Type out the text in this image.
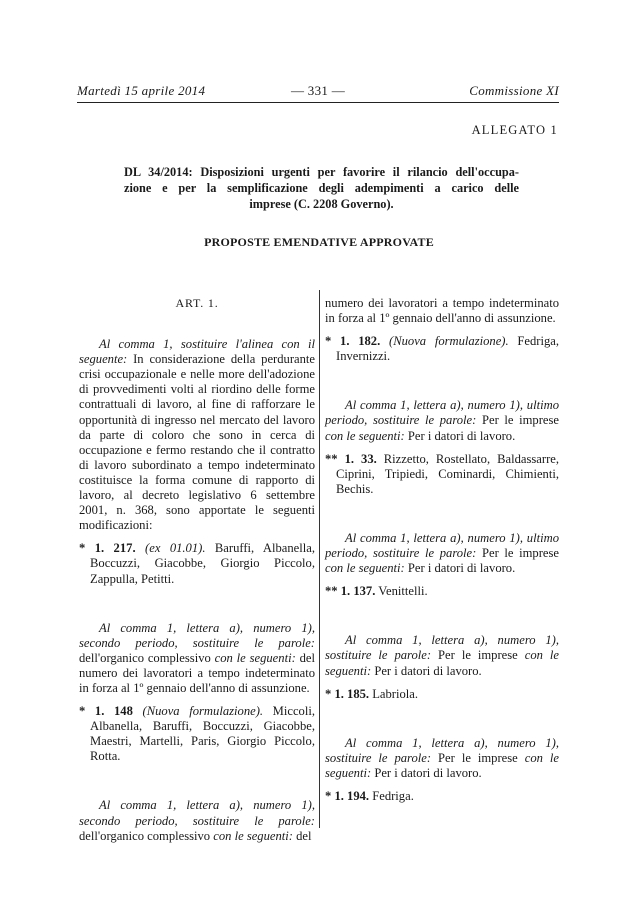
Martedì 15 aprile 2014	— 331 —	Commissione XI
ALLEGATO 1
DL 34/2014: Disposizioni urgenti per favorire il rilancio dell'occupa-
zione e per la semplificazione degli adempimenti a carico delle
imprese (C. 2208 Governo).
PROPOSTE EMENDATIVE APPROVATE
ART. 1.

Al comma 1, sostituire l'alinea con il seguente: In considerazione della perdurante crisi occupazionale e nelle more dell'adozione di provvedimenti volti al riordino delle forme contrattuali di lavoro, al fine di rafforzare le opportunità di ingresso nel mercato del lavoro da parte di coloro che sono in cerca di occupazione e fermo restando che il contratto di lavoro subordinato a tempo indeterminato costituisce la forma comune di rapporto di lavoro, al decreto legislativo 6 settembre 2001, n. 368, sono apportate le seguenti modificazioni:

* 1. 217. (ex 01.01). Baruffi, Albanella, Boccuzzi, Giacobbe, Giorgio Piccolo, Zappulla, Petitti.

Al comma 1, lettera a), numero 1), secondo periodo, sostituire le parole: dell'organico complessivo con le seguenti: del numero dei lavoratori a tempo indeterminato in forza al 1º gennaio dell'anno di assunzione.

* 1. 148 (Nuova formulazione). Miccoli, Albanella, Baruffi, Boccuzzi, Giacobbe, Maestri, Martelli, Paris, Giorgio Piccolo, Rotta.

Al comma 1, lettera a), numero 1), secondo periodo, sostituire le parole: dell'organico complessivo con le seguenti: del

numero dei lavoratori a tempo indeterminato in forza al 1º gennaio dell'anno di assunzione.

* 1. 182. (Nuova formulazione). Fedriga, Invernizzi.

Al comma 1, lettera a), numero 1), ultimo periodo, sostituire le parole: Per le imprese con le seguenti: Per i datori di lavoro.

** 1. 33. Rizzetto, Rostellato, Baldassarre, Ciprini, Tripiedi, Cominardi, Chimienti, Bechis.

Al comma 1, lettera a), numero 1), ultimo periodo, sostituire le parole: Per le imprese con le seguenti: Per i datori di lavoro.

** 1. 137. Venittelli.

Al comma 1, lettera a), numero 1), sostituire le parole: Per le imprese con le seguenti: Per i datori di lavoro.

* 1. 185. Labriola.

Al comma 1, lettera a), numero 1), sostituire le parole: Per le imprese con le seguenti: Per i datori di lavoro.

* 1. 194. Fedriga.
